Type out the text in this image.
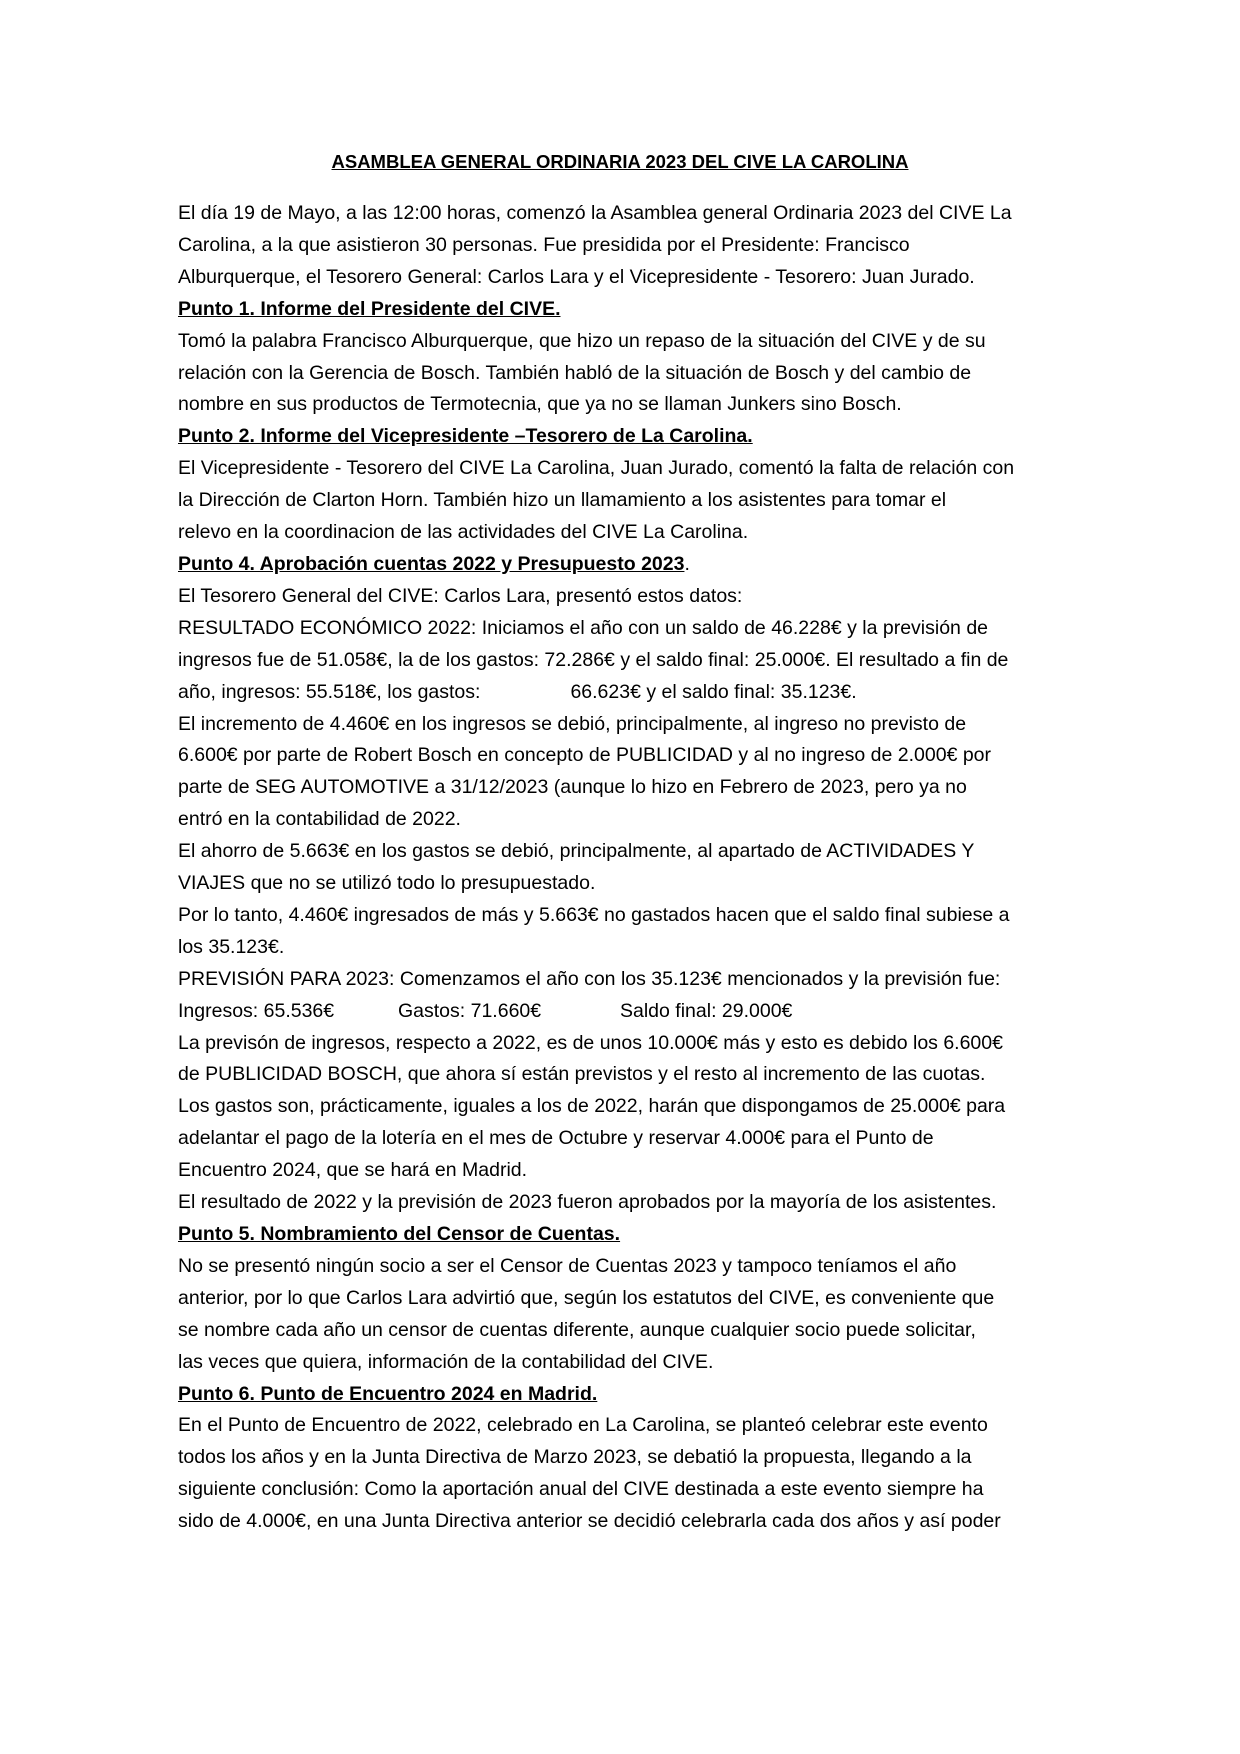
ASAMBLEA GENERAL ORDINARIA 2023 DEL CIVE LA CAROLINA
El día 19 de Mayo, a las 12:00 horas, comenzó la Asamblea general Ordinaria 2023 del CIVE La
Carolina, a la que asistieron 30 personas. Fue presidida por el Presidente: Francisco
Alburquerque, el Tesorero General: Carlos Lara y el Vicepresidente - Tesorero: Juan Jurado.
Punto 1. Informe del Presidente del CIVE.
Tomó la palabra Francisco Alburquerque, que hizo un repaso de la situación del CIVE y de su
relación con la Gerencia de Bosch. También habló de la situación de Bosch y del cambio de
nombre en sus productos de Termotecnia, que ya no se llaman Junkers sino Bosch.
Punto 2. Informe del Vicepresidente –Tesorero de La Carolina.
El Vicepresidente - Tesorero del CIVE La Carolina, Juan Jurado, comentó la falta de relación con
la Dirección de Clarton Horn. También hizo un llamamiento a los asistentes para tomar el
relevo en la coordinacion de las actividades del CIVE La Carolina.
Punto 4. Aprobación cuentas 2022 y Presupuesto 2023.
El Tesorero General del CIVE: Carlos Lara, presentó estos datos:
RESULTADO ECONÓMICO 2022: Iniciamos el año con un saldo de 46.228€ y la previsión de
ingresos fue de 51.058€, la de los gastos: 72.286€ y el saldo final: 25.000€. El resultado a fin de
año, ingresos: 55.518€, los gastos:	66.623€ y el saldo final: 35.123€.
El incremento de 4.460€ en los ingresos se debió, principalmente, al ingreso no previsto de
6.600€ por parte de Robert Bosch en concepto de PUBLICIDAD y al no ingreso de 2.000€ por
parte de SEG AUTOMOTIVE a 31/12/2023 (aunque lo hizo en Febrero de 2023, pero ya no
entró en la contabilidad de 2022.
El ahorro de 5.663€ en los gastos se debió, principalmente, al apartado de ACTIVIDADES Y
VIAJES que no se utilizó todo lo presupuestado.
Por lo tanto, 4.460€ ingresados de más y 5.663€ no gastados hacen que el saldo final subiese a
los 35.123€.
PREVISIÓN PARA 2023: Comenzamos el año con los 35.123€ mencionados y la previsión fue:
Ingresos: 65.536€	Gastos: 71.660€	Saldo final: 29.000€
La previsón de ingresos, respecto a 2022, es de unos 10.000€ más y esto es debido los 6.600€
de PUBLICIDAD BOSCH, que ahora sí están previstos y el resto al incremento de las cuotas.
Los gastos son, prácticamente, iguales a los de 2022, harán que dispongamos de 25.000€ para
adelantar el pago de la lotería en el mes de Octubre y reservar 4.000€ para el Punto de
Encuentro 2024, que se hará en Madrid.
El resultado de 2022 y la previsión de 2023 fueron aprobados por la mayoría de los asistentes.
Punto 5. Nombramiento del Censor de Cuentas.
No se presentó ningún socio a ser el Censor de Cuentas 2023 y tampoco teníamos el año
anterior, por lo que Carlos Lara advirtió que, según los estatutos del CIVE, es conveniente que
se nombre cada año un censor de cuentas diferente, aunque cualquier socio puede solicitar,
las veces que quiera, información de la contabilidad del CIVE.
Punto 6. Punto de Encuentro 2024 en Madrid.
En el Punto de Encuentro de 2022, celebrado en La Carolina, se planteó celebrar este evento
todos los años y en la Junta Directiva de Marzo 2023, se debatió la propuesta, llegando a la
siguiente conclusión: Como la aportación anual del CIVE destinada a este evento siempre ha
sido de 4.000€, en una Junta Directiva anterior se decidió celebrarla cada dos años y así poder
